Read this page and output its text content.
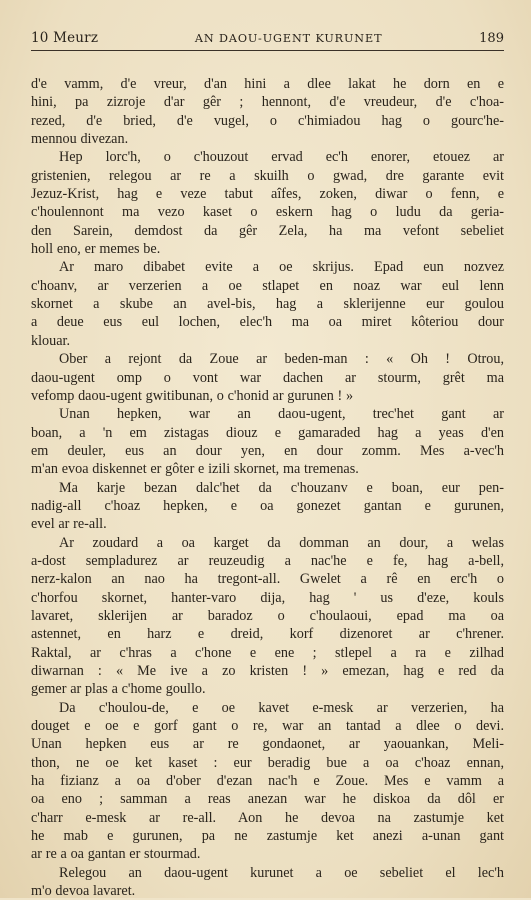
10 Meurz	AN DAOU-UGENT KURUNET	189

d'e vamm, d'e vreur, d'an hini a dlee lakat he dorn en e
hini, pa zizroje d'ar gêr ; hennont, d'e vreudeur, d'e c'hoa-
rezed, d'e bried, d'e vugel, o c'himiadou hag o gourc'he-
mennou divezan.

Hep lorc'h, o c'houzout ervad ec'h enorer, etouez ar
gristenien, relegou ar re a skuilh o gwad, dre garante evit
Jezuz-Krist, hag e veze tabut aîfes, zoken, diwar o fenn, e
c'houlennont ma vezo kaset o eskern hag o ludu da geria-
den Sarein, demdost da gêr Zela, ha ma vefont sebeliet
holl eno, er memes be.

Ar maro dibabet evite a oe skrijus. Epad eun nozvez
c'hoanv, ar verzerien a oe stlapet en noaz war eul lenn
skornet a skube an avel-bis, hag a sklerijenne eur goulou
a deue eus eul lochen, elec'h ma oa miret kôteriou dour
klouar.

Ober a rejont da Zoue ar beden-man : « Oh ! Otrou,
daou-ugent omp o vont war dachen ar stourm, grêt ma
vefomp daou-ugent gwitibunan, o c'honid ar gurunen ! »

Unan hepken, war an daou-ugent, trec'het gant ar
boan, a 'n em zistagas diouz e gamaraded hag a yeas d'en
em deuler, eus an dour yen, en dour zomm. Mes a-vec'h
m'an evoa diskennet er gôter e izili skornet, ma tremenas.

Ma karje bezan dalc'het da c'houzanv e boan, eur pen-
nadig-all c'hoaz hepken, e oa gonezet gantan e gurunen,
evel ar re-all.

Ar zoudard a oa karget da domman an dour, a welas
a-dost sempladurez ar reuzeudig a nac'he e fe, hag a-bell,
nerz-kalon an nao ha tregont-all. Gwelet a rê en erc'h o
c'horfou skornet, hanter-varo dija, hag ' us d'eze, kouls
lavaret, sklerijen ar baradoz o c'houlaoui, epad ma oa
astennet, en harz e dreid, korf dizenoret ar c'hrener.
Raktal, ar c'hras a c'hone e ene ; stlepel a ra e zilhad
diwarnan : « Me ive a zo kristen ! » emezan, hag e red da
gemer ar plas a c'home goullo.

Da c'houlou-de, e oe kavet e-mesk ar verzerien, ha
douget e oe e gorf gant o re, war an tantad a dlee o devi.
Unan hepken eus ar re gondaonet, ar yaouankan, Meli-
thon, ne oe ket kaset : eur beradig bue a oa c'hoaz ennan,
ha fizianz a oa d'ober d'ezan nac'h e Zoue. Mes e vamm a
oa eno ; samman a reas anezan war he diskoa da dôl er
c'harr e-mesk ar re-all. Aon he devoa na zastumje ket
he mab e gurunen, pa ne zastumje ket anezi a-unan gant
ar re a oa gantan er stourmad.

Relegou an daou-ugent kurunet a oe sebeliet el lec'h
m'o devoa lavaret.
